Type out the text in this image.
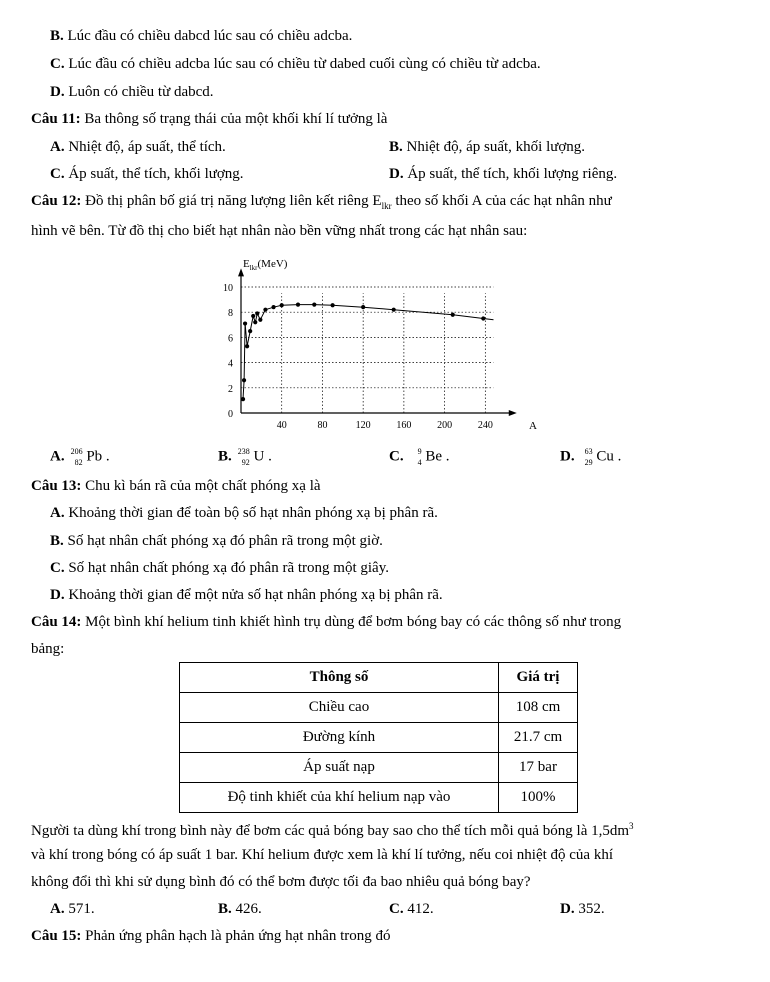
B. Lúc đầu có chiều dabcd lúc sau có chiều adcba.
C. Lúc đầu có chiều adcba lúc sau có chiều từ dabed cuối cùng có chiều từ adcba.
D. Luôn có chiều từ dabcd.
Câu 11: Ba thông số trạng thái của một khối khí lí tưởng là
A. Nhiệt độ, áp suất, thể tích.	B. Nhiệt độ, áp suất, khối lượng.
C. Áp suất, thể tích, khối lượng.	D. Áp suất, thể tích, khối lượng riêng.
Câu 12: Đồ thị phân bố giá trị năng lượng liên kết riêng $E_{lkr}$ theo số khối A của các hạt nhân như
hình vẽ bên. Từ đồ thị cho biết hạt nhân nào bền vững nhất trong các hạt nhân sau:
0
2
4
6
8
10
40	80	120	160	200	240
$E_{lkr}(MeV)$
A
A. 206
82 Pb .	B. 238
92 U .	C. 9
4 Be .	D. 63
29 Cu .
Câu 13: Chu kì bán rã của một chất phóng xạ là
A. Khoảng thời gian để toàn bộ số hạt nhân phóng xạ bị phân rã.
B. Số hạt nhân chất phóng xạ đó phân rã trong một giờ.
C. Số hạt nhân chất phóng xạ đó phân rã trong một giây.
D. Khoảng thời gian để một nửa số hạt nhân phóng xạ bị phân rã.
Câu 14: Một bình khí helium tinh khiết hình trụ dùng để bơm bóng bay có các thông số như trong
bảng:
Thông số	Giá trị
Chiều cao	108 cm
Đường kính	21.7 cm
Áp suất nạp	17 bar
Độ tinh khiết của khí helium nạp vào	100%
Người ta dùng khí trong bình này để bơm các quả bóng bay sao cho thể tích mỗi quả bóng là $1,5dm^3$
và khí trong bóng có áp suất 1 bar. Khí helium được xem là khí lí tưởng, nếu coi nhiệt độ của khí
không đổi thì khi sử dụng bình đó có thể bơm được tối đa bao nhiêu quả bóng bay?
A. 571.	B. 426.	C. 412.	D. 352.
Câu 15: Phản ứng phân hạch là phản ứng hạt nhân trong đó
